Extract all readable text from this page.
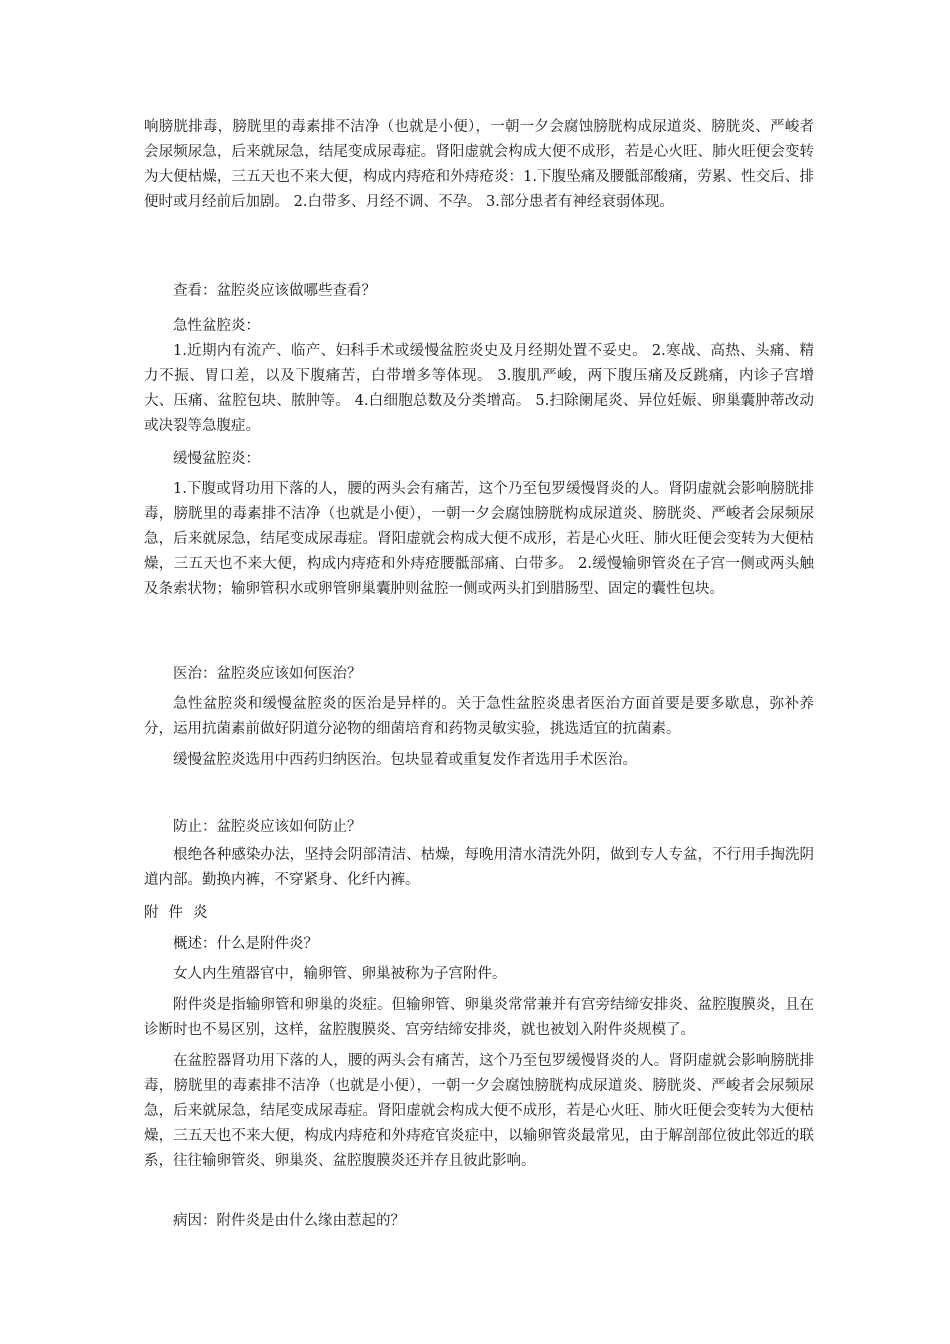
响膀胱排毒，膀胱里的毒素排不洁净（也就是小便），一朝一夕会腐蚀膀胱构成尿道炎、膀胱炎、严峻者会尿频尿急，后来就尿急，结尾变成尿毒症。肾阳虚就会构成大便不成形，若是心火旺、肺火旺便会变转为大便枯燥，三五天也不来大便，构成内痔疮和外痔疮炎：1.下腹坠痛及腰骶部酸痛，劳累、性交后、排便时或月经前后加剧。 2.白带多、月经不调、不孕。 3.部分患者有神经衰弱体现。

查看：盆腔炎应该做哪些查看？

急性盆腔炎：

1.近期内有流产、临产、妇科手术或缓慢盆腔炎史及月经期处置不妥史。 2.寒战、高热、头痛、精力不振、胃口差，以及下腹痛苦，白带增多等体现。 3.腹肌严峻，两下腹压痛及反跳痛，内诊子宫增大、压痛、盆腔包块、脓肿等。 4.白细胞总数及分类增高。 5.扫除阑尾炎、异位妊娠、卵巢囊肿蒂改动或决裂等急腹症。

缓慢盆腔炎：

1.下腹或肾功用下落的人，腰的两头会有痛苦，这个乃至包罗缓慢肾炎的人。肾阴虚就会影响膀胱排毒，膀胱里的毒素排不洁净（也就是小便），一朝一夕会腐蚀膀胱构成尿道炎、膀胱炎、严峻者会尿频尿急，后来就尿急，结尾变成尿毒症。肾阳虚就会构成大便不成形，若是心火旺、肺火旺便会变转为大便枯燥，三五天也不来大便，构成内痔疮和外痔疮腰骶部痛、白带多。 2.缓慢输卵管炎在子宫一侧或两头触及条索状物；输卵管积水或卵管卵巢囊肿则盆腔一侧或两头扪到腊肠型、固定的囊性包块。

医治：盆腔炎应该如何医治？

急性盆腔炎和缓慢盆腔炎的医治是异样的。关于急性盆腔炎患者医治方面首要是要多歇息，弥补养分，运用抗菌素前做好阴道分泌物的细菌培育和药物灵敏实验，挑选适宜的抗菌素。

缓慢盆腔炎选用中西药归纳医治。包块显着或重复发作者选用手术医治。

防止：盆腔炎应该如何防止？

根绝各种感染办法，坚持会阴部清洁、枯燥，每晚用清水清洗外阴，做到专人专盆，不行用手掏洗阴道内部。勤换内裤，不穿紧身、化纤内裤。

附件炎

概述：什么是附件炎？

女人内生殖器官中，输卵管、卵巢被称为子宫附件。

附件炎是指输卵管和卵巢的炎症。但输卵管、卵巢炎常常兼并有宫旁结缔安排炎、盆腔腹膜炎，且在诊断时也不易区别，这样，盆腔腹膜炎、宫旁结缔安排炎，就也被划入附件炎规模了。

在盆腔器肾功用下落的人，腰的两头会有痛苦，这个乃至包罗缓慢肾炎的人。肾阴虚就会影响膀胱排毒，膀胱里的毒素排不洁净（也就是小便），一朝一夕会腐蚀膀胱构成尿道炎、膀胱炎、严峻者会尿频尿急，后来就尿急，结尾变成尿毒症。肾阳虚就会构成大便不成形，若是心火旺、肺火旺便会变转为大便枯燥，三五天也不来大便，构成内痔疮和外痔疮官炎症中，以输卵管炎最常见，由于解剖部位彼此邻近的联系，往往输卵管炎、卵巢炎、盆腔腹膜炎还并存且彼此影响。

病因：附件炎是由什么缘由惹起的？
